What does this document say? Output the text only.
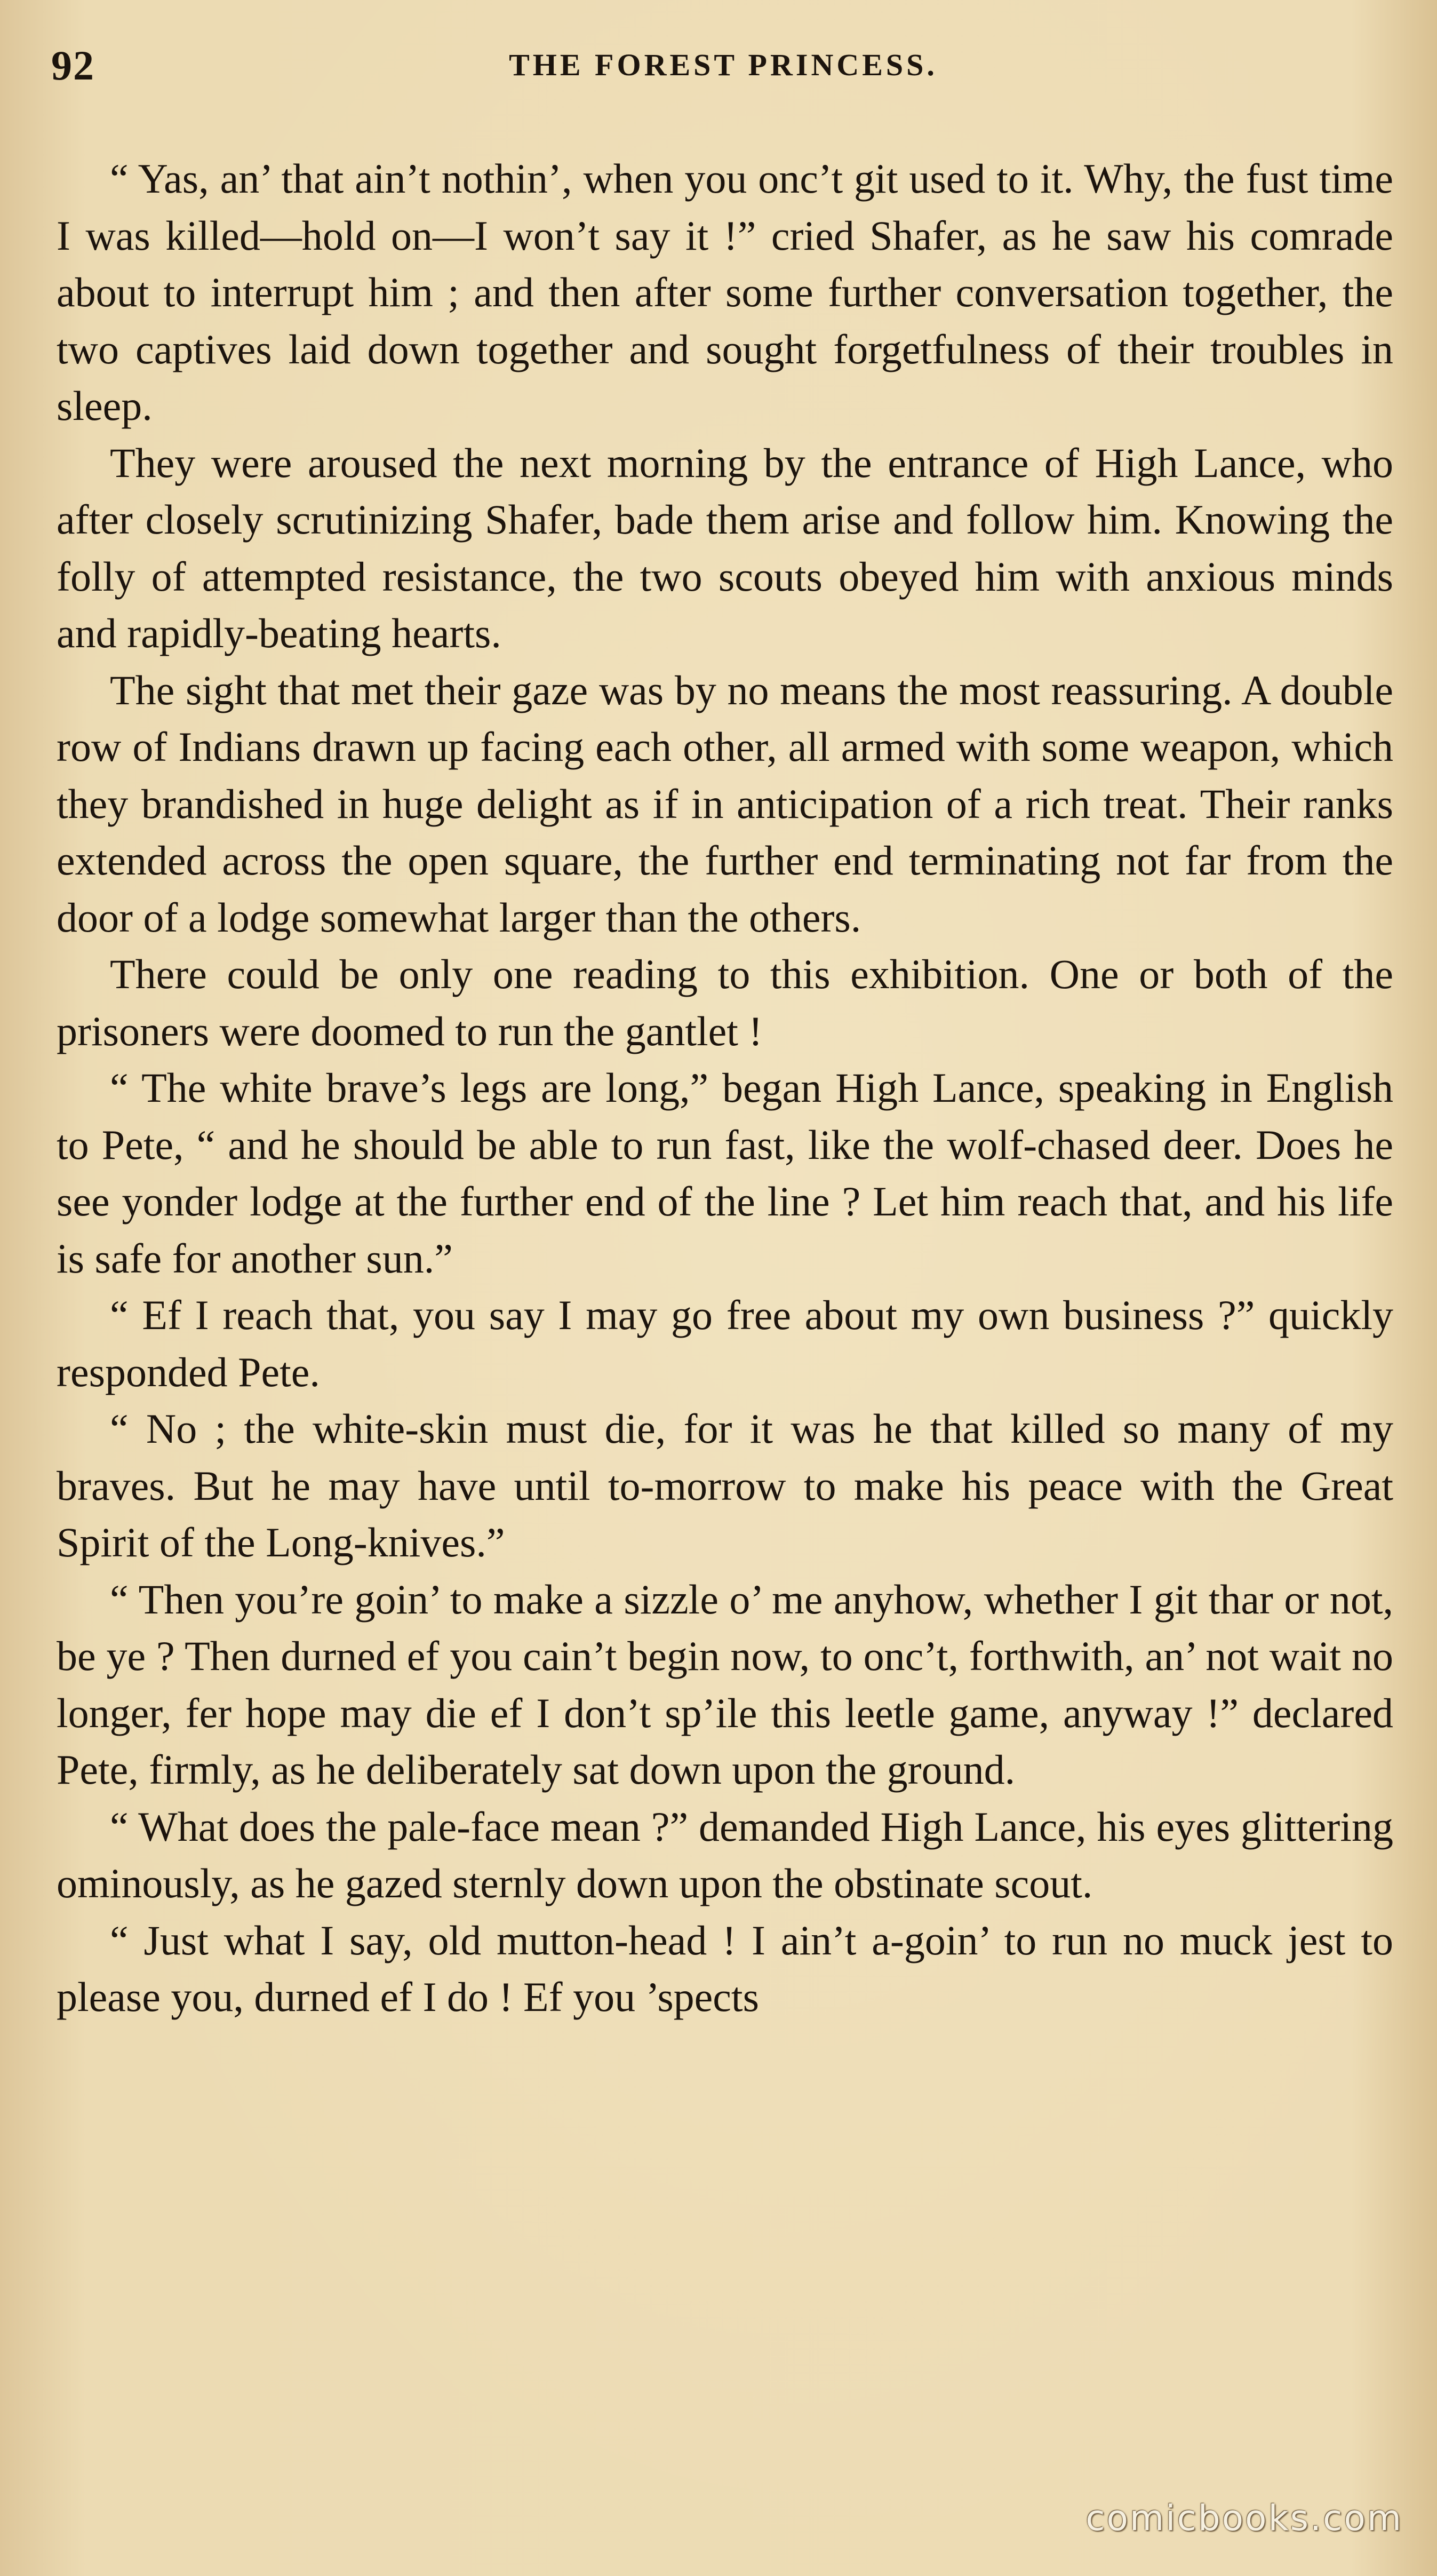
92	THE FOREST PRINCESS.

“ Yas, an’ that ain’t nothin’, when you onc’t git used to it. Why, the fust time I was killed—hold on—I won’t say it !” cried Shafer, as he saw his comrade about to interrupt him ; and then after some further conversation together, the two captives laid down together and sought forgetfulness of their troubles in sleep.

They were aroused the next morning by the entrance of High Lance, who after closely scrutinizing Shafer, bade them arise and follow him. Knowing the folly of attempted resistance, the two scouts obeyed him with anxious minds and rapidly-beating hearts.

The sight that met their gaze was by no means the most reassuring. A double row of Indians drawn up facing each other, all armed with some weapon, which they brandished in huge delight as if in anticipation of a rich treat. Their ranks extended across the open square, the further end terminating not far from the door of a lodge somewhat larger than the others.

There could be only one reading to this exhibition. One or both of the prisoners were doomed to run the gantlet !

“ The white brave’s legs are long,” began High Lance, speaking in English to Pete, “ and he should be able to run fast, like the wolf-chased deer. Does he see yonder lodge at the further end of the line ? Let him reach that, and his life is safe for another sun.”

“ Ef I reach that, you say I may go free about my own business ?” quickly responded Pete.

“ No ; the white-skin must die, for it was he that killed so many of my braves. But he may have until to-morrow to make his peace with the Great Spirit of the Long-knives.”

“ Then you’re goin’ to make a sizzle o’ me anyhow, whether I git thar or not, be ye ? Then durned ef you cain’t begin now, to onc’t, forthwith, an’ not wait no longer, fer hope may die ef I don’t sp’ile this leetle game, anyway !” declared Pete, firmly, as he deliberately sat down upon the ground.

“ What does the pale-face mean ?” demanded High Lance, his eyes glittering ominously, as he gazed sternly down upon the obstinate scout.

“ Just what I say, old mutton-head ! I ain’t a-goin’ to run no muck jest to please you, durned ef I do ! Ef you ’spects

comicbooks.com
